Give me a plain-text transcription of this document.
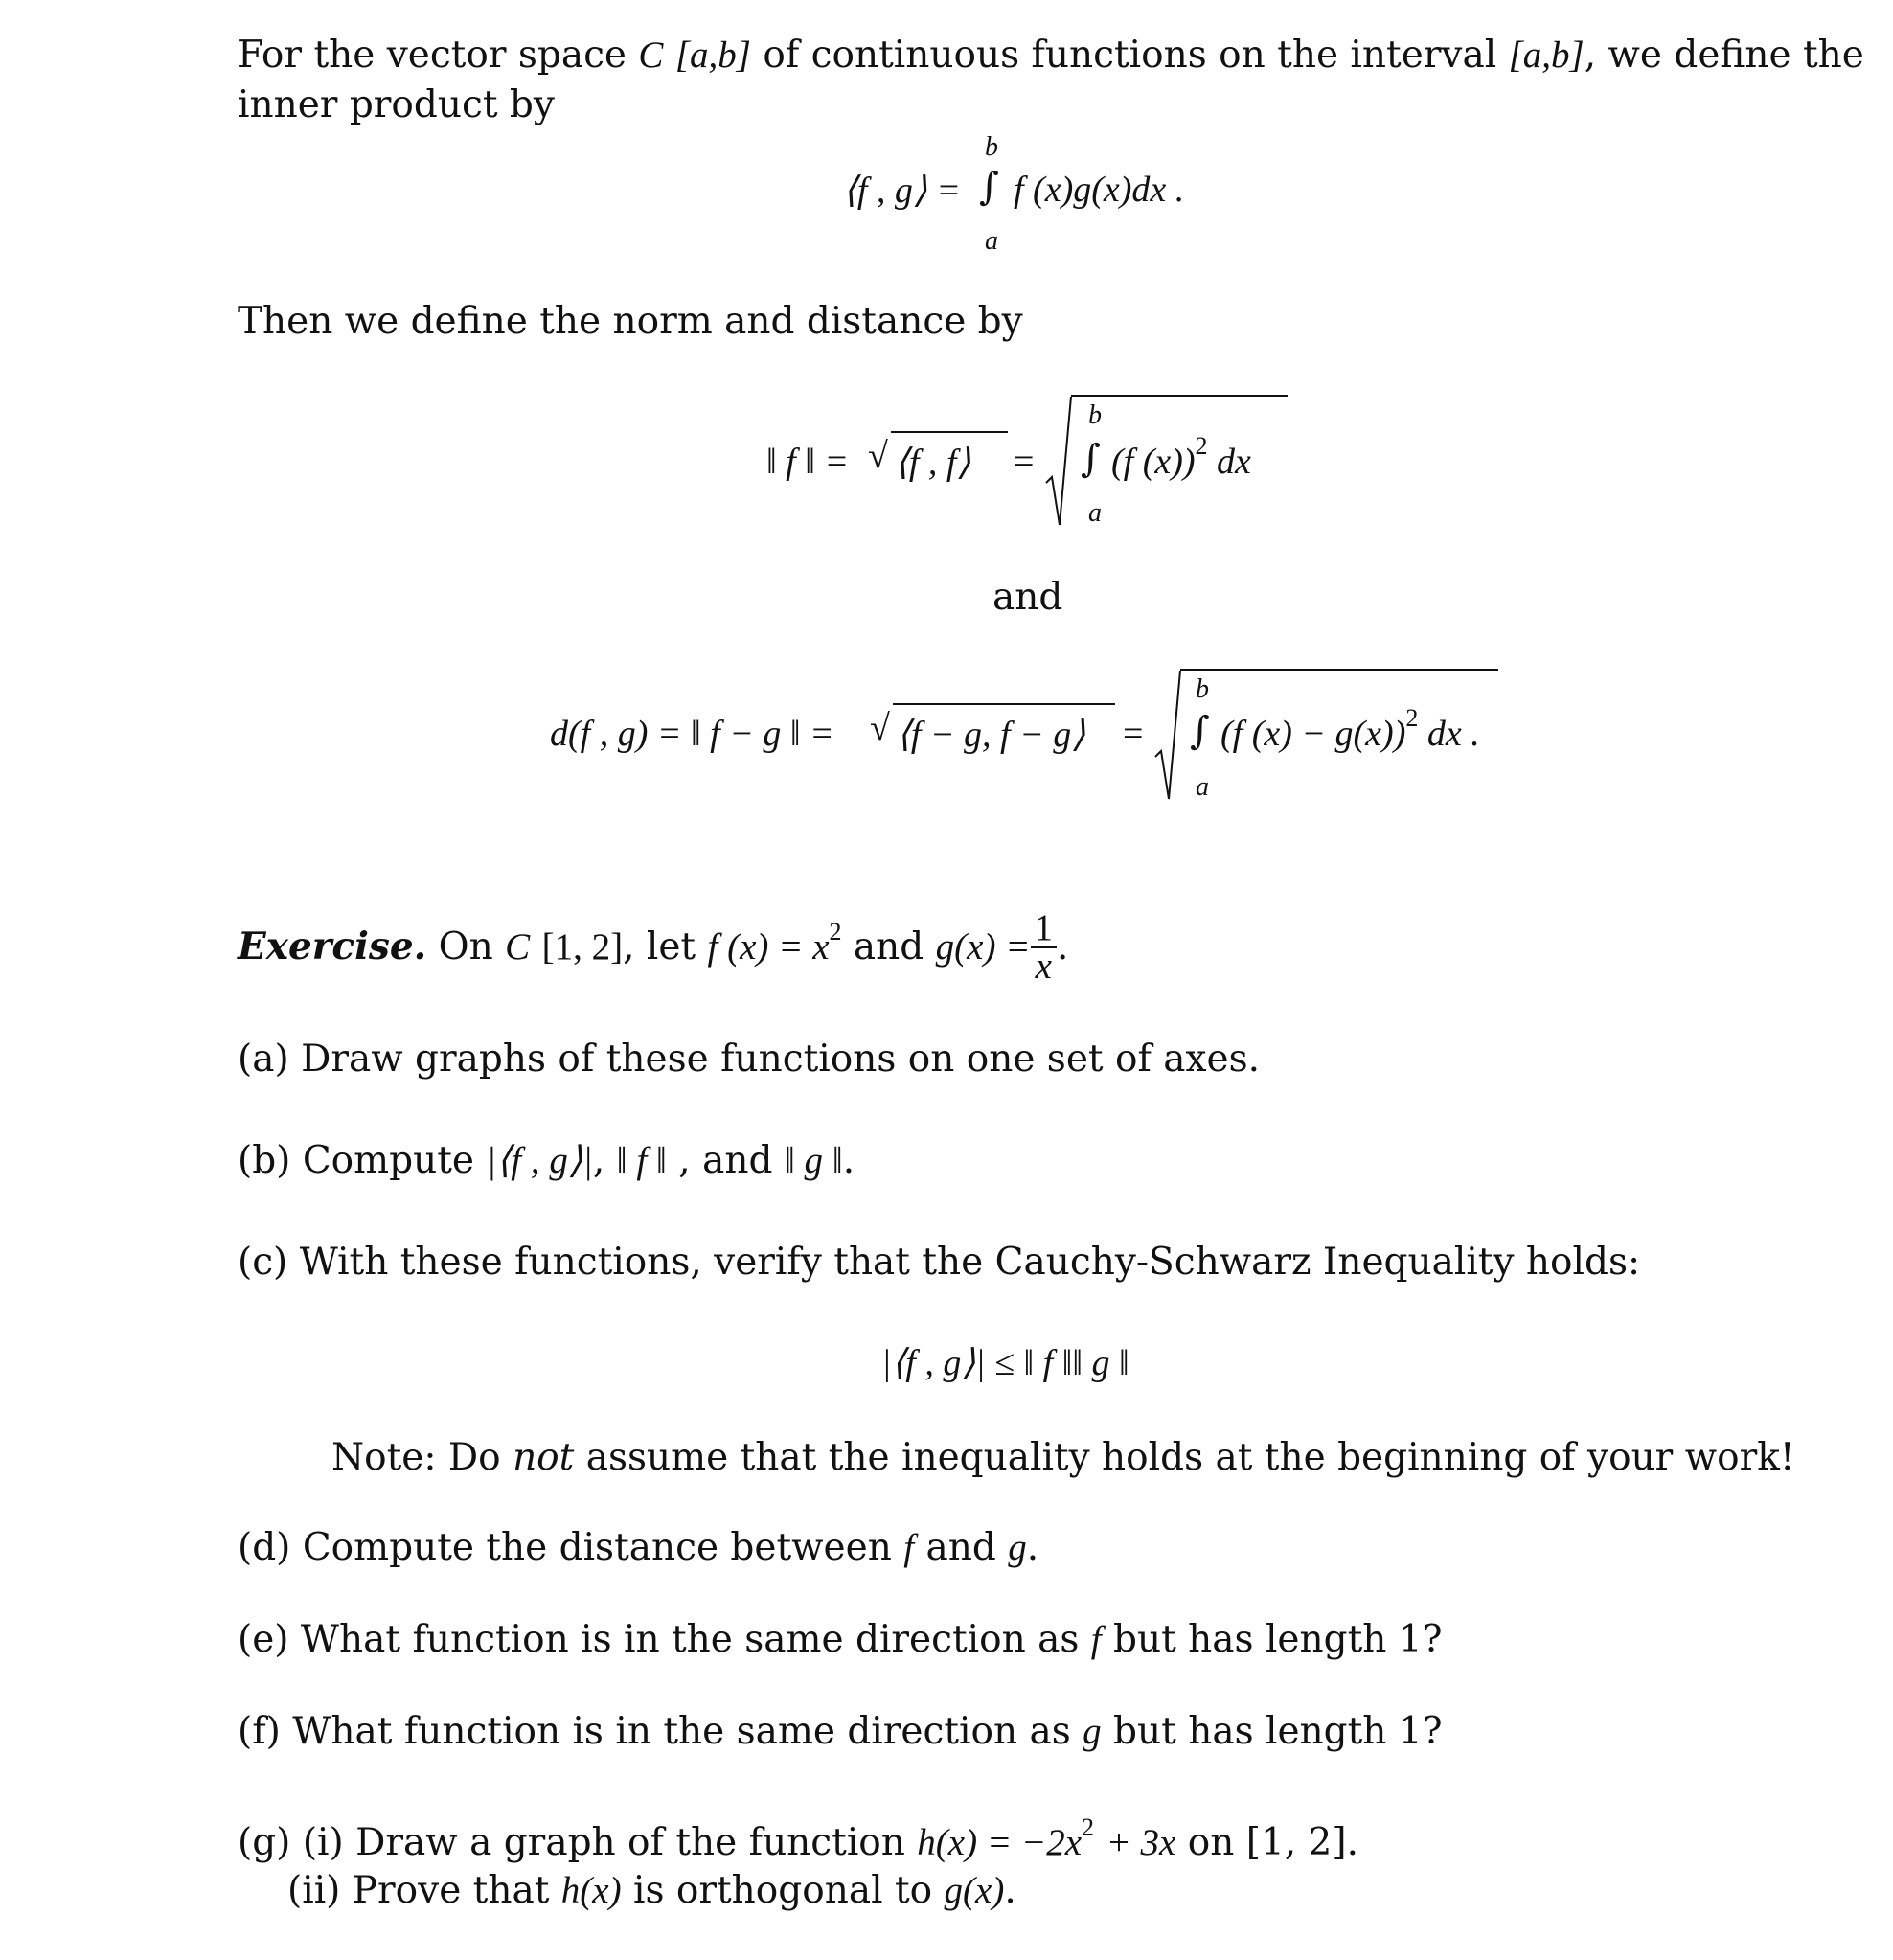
For the vector space C [a,b] of continuous functions on the interval [a,b], we define the
inner product by
⟨f , g⟩ =
b
∫ f (x)g(x)dx .
a
Then we define the norm and distance by
‖ f ‖ = √ ⟨f , f⟩ =
b
∫ (f (x))$^2$ dx
a
and
d(f , g) = ‖ f − g ‖ = √ ⟨f − g, f − g⟩ =
b
∫ (f (x) − g(x))$^2$ dx .
a
Exercise. On C [1, 2], let f $(x) = x^2$ and $g(x) = \frac{1}{x}$ .
(a) Draw graphs of these functions on one set of axes.
(b) Compute |⟨f , g⟩|, ‖ f ‖ , and ‖ g ‖.
(c) With these functions, verify that the Cauchy-Schwarz Inequality holds:
|⟨f , g⟩| ≤ ‖ f ‖‖ g ‖
Note: Do not assume that the inequality holds at the beginning of your work!
(d) Compute the distance between f and g.
(e) What function is in the same direction as f but has length 1?
(f) What function is in the same direction as g but has length 1?
(g) (i) Draw a graph of the function $h(x) = -2x^2 + 3x$ on [1, 2].
(ii) Prove that h(x) is orthogonal to g(x).
